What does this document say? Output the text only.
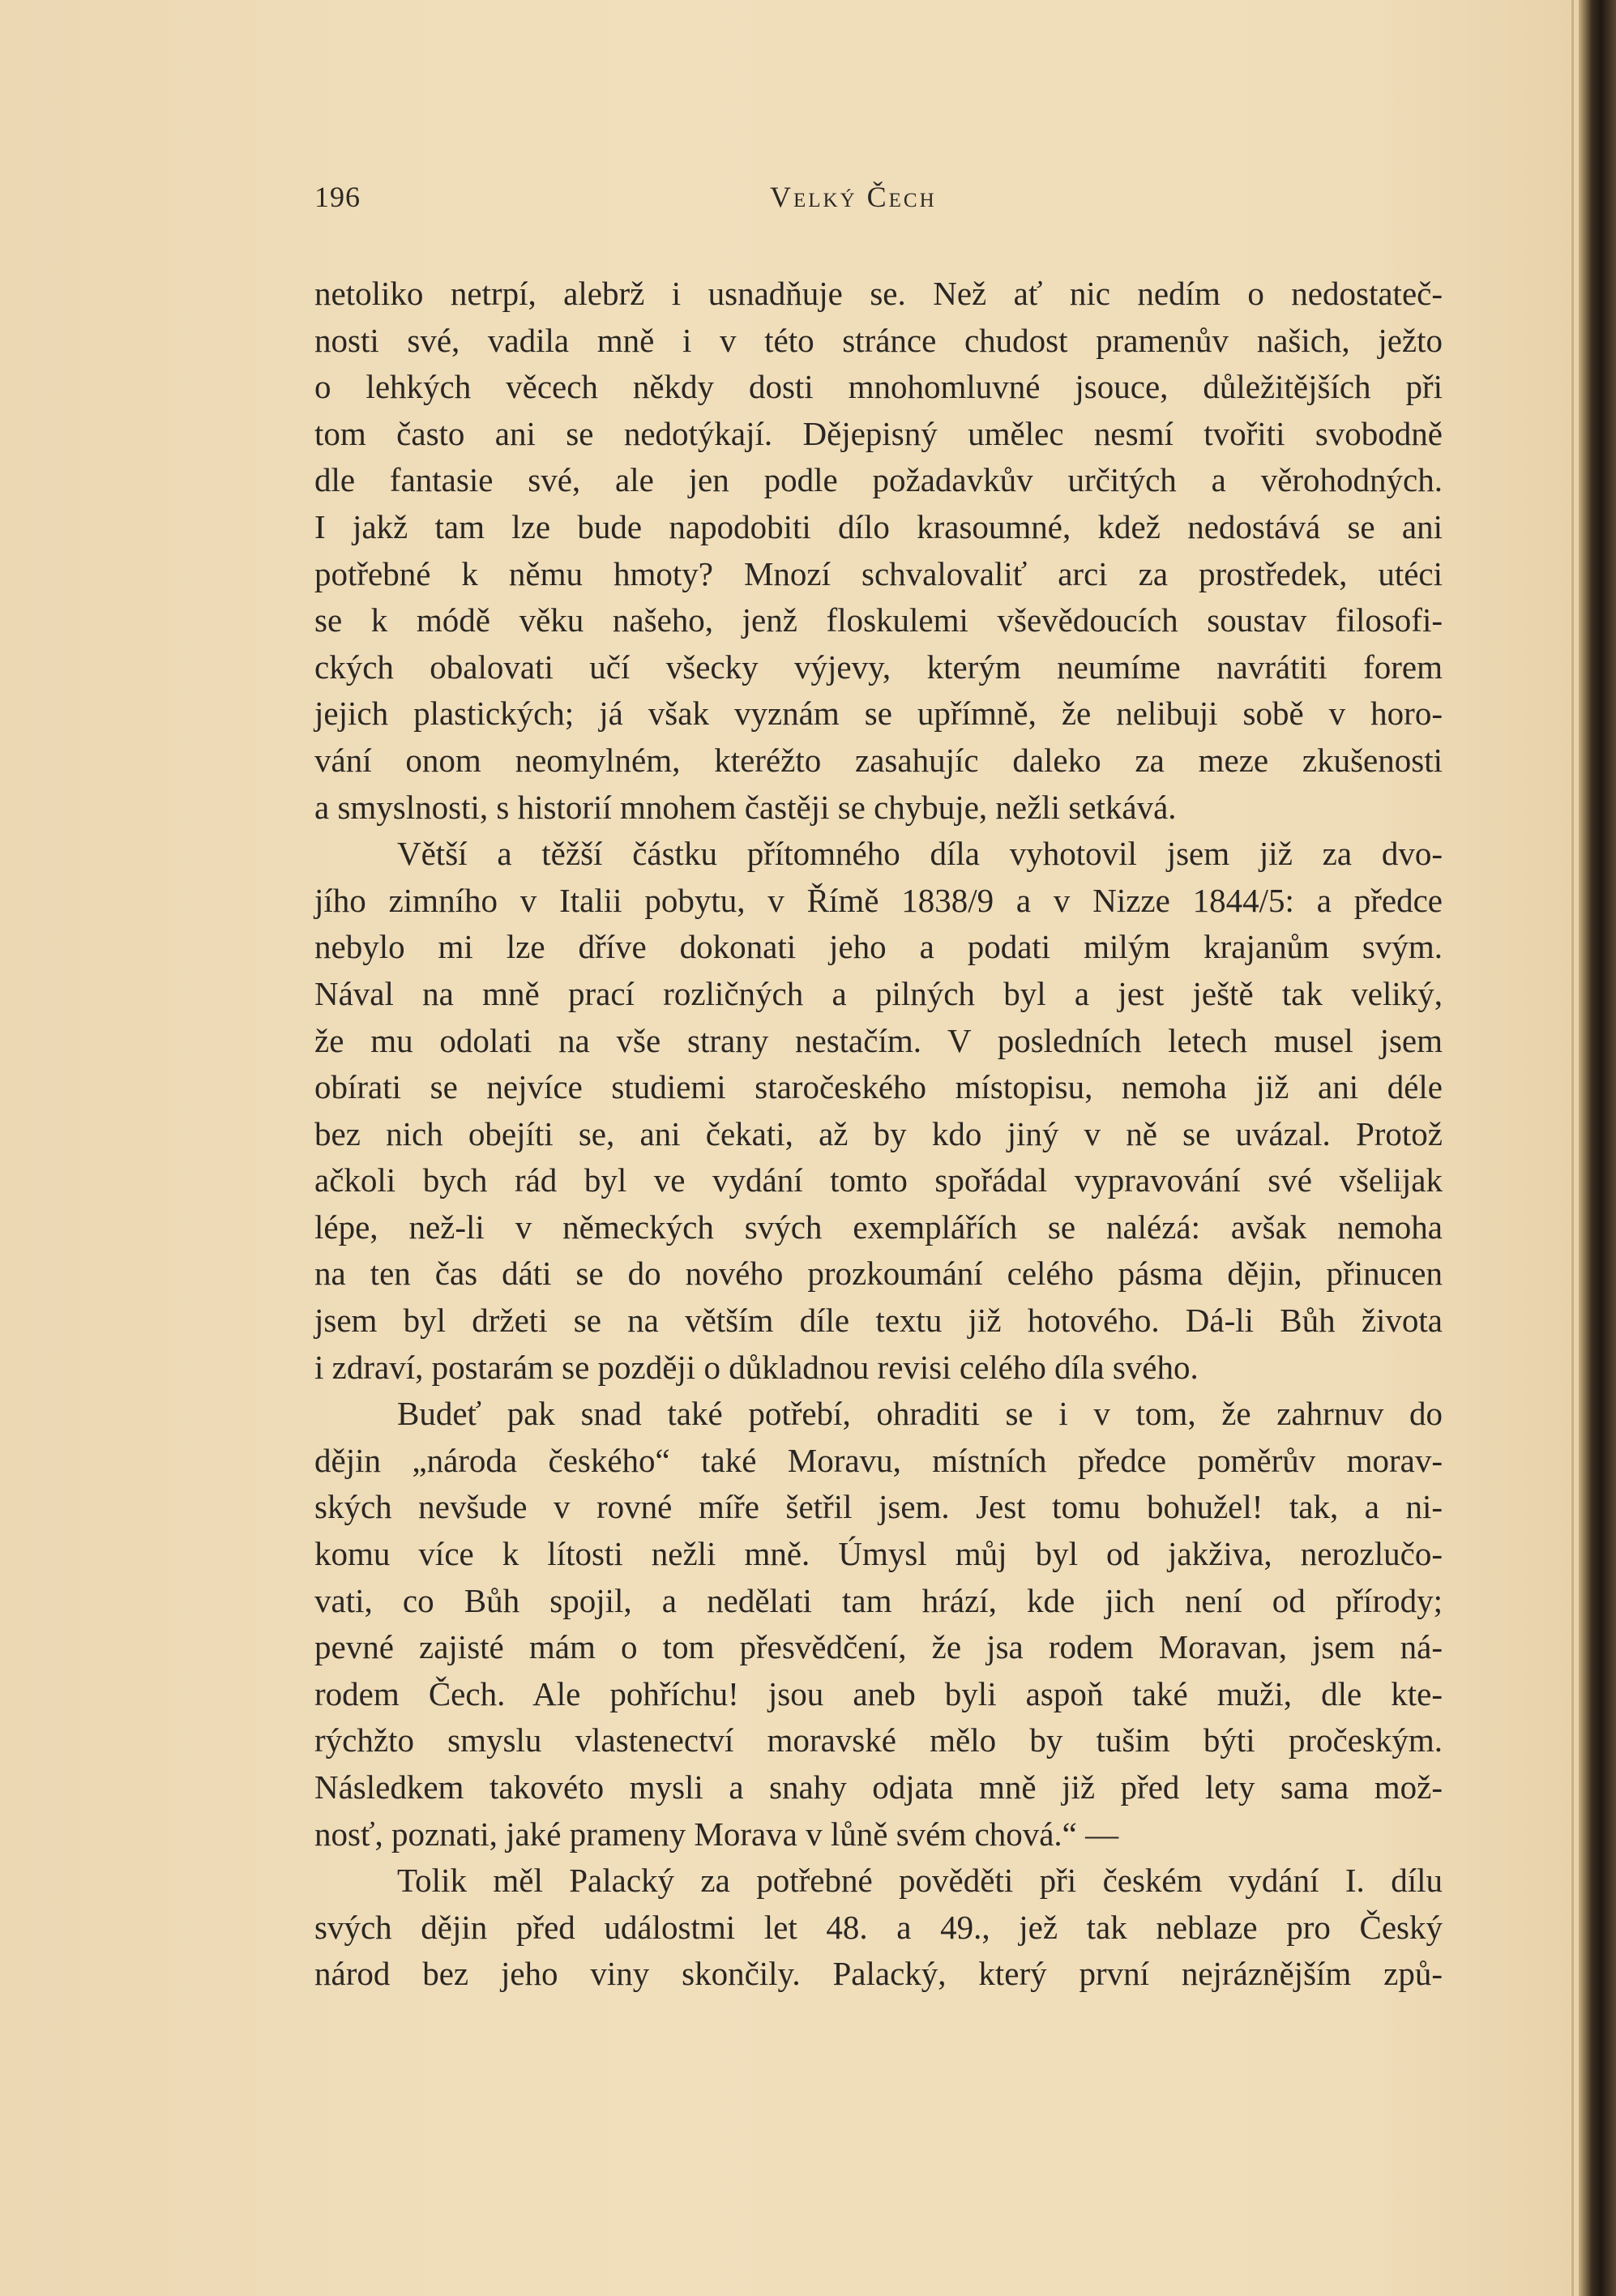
196	Velký Čech
netoliko netrpí, alebrž i usnadňuje se. Než ať nic nedím o nedostateč-
nosti své, vadila mně i v této stránce chudost pramenův našich, ježto
o lehkých věcech někdy dosti mnohomluvné jsouce, důležitějších při
tom často ani se nedotýkají. Dějepisný umělec nesmí tvořiti svobodně
dle fantasie své, ale jen podle požadavkův určitých a věrohodných.
I jakž tam lze bude napodobiti dílo krasoumné, kdež nedostává se ani
potřebné k němu hmoty? Mnozí schvalovaliť arci za prostředek, utéci
se k módě věku našeho, jenž floskulemi vševědoucích soustav filosofi-
ckých obalovati učí všecky výjevy, kterým neumíme navrátiti forem
jejich plastických; já však vyznám se upřímně, že nelibuji sobě v horo-
vání onom neomylném, kteréžto zasahujíc daleko za meze zkušenosti
a smyslnosti, s historií mnohem častěji se chybuje, nežli setkává.
Větší a těžší částku přítomného díla vyhotovil jsem již za dvo-
jího zimního v Italii pobytu, v Římě 1838/9 a v Nizze 1844/5: a předce
nebylo mi lze dříve dokonati jeho a podati milým krajanům svým.
Nával na mně prací rozličných a pilných byl a jest ještě tak veliký,
že mu odolati na vše strany nestačím. V posledních letech musel jsem
obírati se nejvíce studiemi staročeského místopisu, nemoha již ani déle
bez nich obejíti se, ani čekati, až by kdo jiný v ně se uvázal. Protož
ačkoli bych rád byl ve vydání tomto spořádal vypravování své všelijak
lépe, než-li v německých svých exemplářích se nalézá: avšak nemoha
na ten čas dáti se do nového prozkoumání celého pásma dějin, přinucen
jsem byl držeti se na větším díle textu již hotového. Dá-li Bůh života
i zdraví, postarám se později o důkladnou revisi celého díla svého.
Budeť pak snad také potřebí, ohraditi se i v tom, že zahrnuv do
dějin „národa českého“ také Moravu, místních předce poměrův morav-
ských nevšude v rovné míře šetřil jsem. Jest tomu bohužel! tak, a ni-
komu více k lítosti nežli mně. Úmysl můj byl od jakživa, nerozlučo-
vati, co Bůh spojil, a nedělati tam hrází, kde jich není od přírody;
pevné zajisté mám o tom přesvědčení, že jsa rodem Moravan, jsem ná-
rodem Čech. Ale pohříchu! jsou aneb byli aspoň také muži, dle kte-
rýchžto smyslu vlastenectví moravské mělo by tušim býti pročeským.
Následkem takovéto mysli a snahy odjata mně již před lety sama mož-
nosť, poznati, jaké prameny Morava v lůně svém chová.“ —
Tolik měl Palacký za potřebné pověděti při českém vydání I. dílu
svých dějin před událostmi let 48. a 49., jež tak neblaze pro Český
národ bez jeho viny skončily. Palacký, který první nejráznějším způ-
